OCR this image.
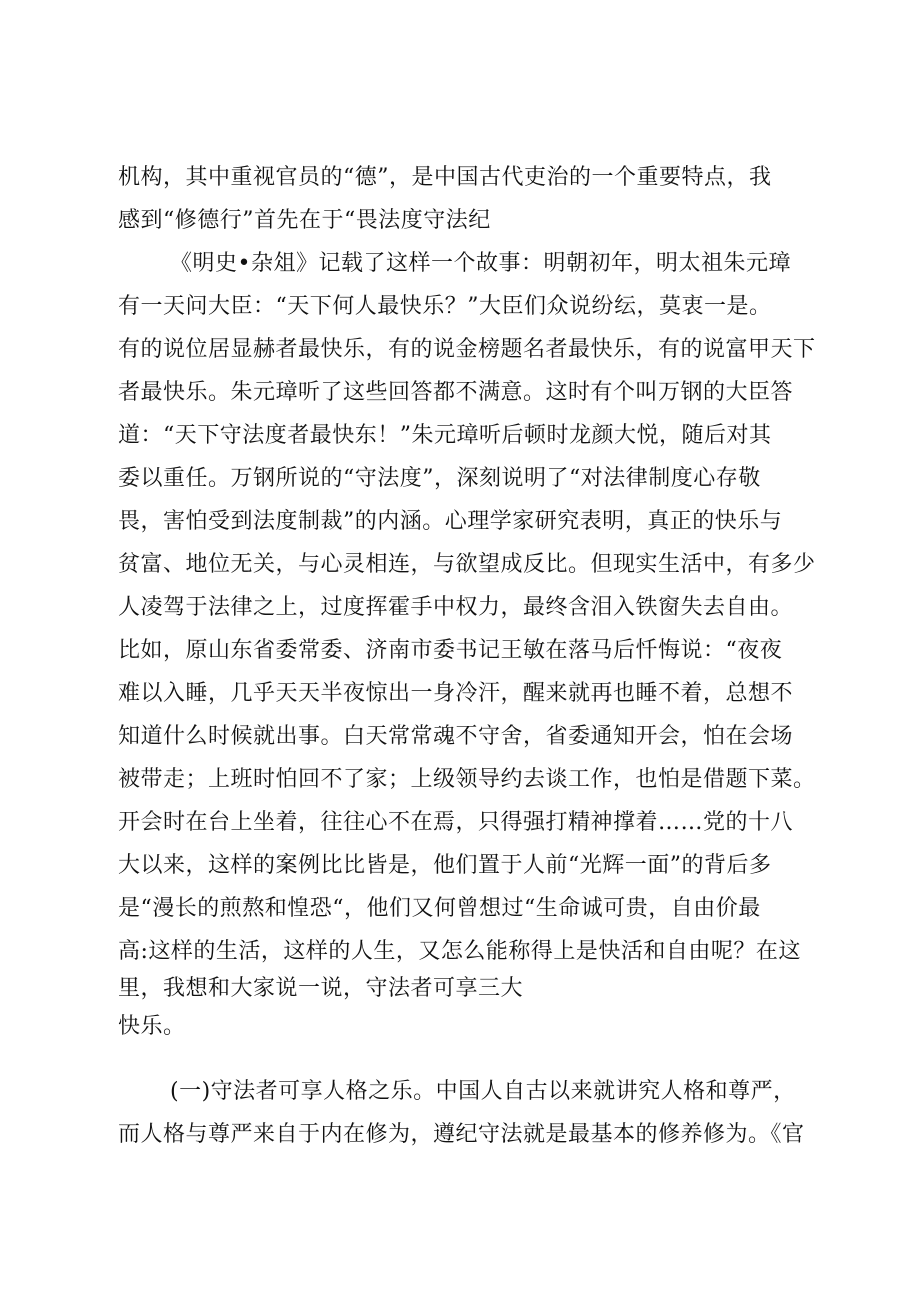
机构，其中重视官员的“德”，是中国古代吏治的一个重要特点，我
感到“修德行”首先在于“畏法度守法纪
《明史•杂俎》记载了这样一个故事：明朝初年，明太祖朱元璋
有一天问大臣：“天下何人最快乐？”大臣们众说纷纭，莫衷一是。
有的说位居显赫者最快乐，有的说金榜题名者最快乐，有的说富甲天下
者最快乐。朱元璋听了这些回答都不满意。这时有个叫万钢的大臣答
道：“天下守法度者最快东！”朱元璋听后顿时龙颜大悦，随后对其
委以重任。万钢所说的“守法度”，深刻说明了“对法律制度心存敬
畏，害怕受到法度制裁”的内涵。心理学家研究表明，真正的快乐与
贫富、地位无关，与心灵相连，与欲望成反比。但现实生活中，有多少
人凌驾于法律之上，过度挥霍手中权力，最终含泪入铁窗失去自由。
比如，原山东省委常委、济南市委书记王敏在落马后忏悔说：“夜夜
难以入睡，几乎天天半夜惊出一身冷汗，醒来就再也睡不着，总想不
知道什么时候就出事。白天常常魂不守舍，省委通知开会，怕在会场
被带走；上班时怕回不了家；上级领导约去谈工作，也怕是借题下菜。
开会时在台上坐着，往往心不在焉，只得强打精神撑着……党的十八
大以来，这样的案例比比皆是，他们置于人前“光辉一面”的背后多
是“漫长的煎熬和惶恐“，他们又何曾想过“生命诚可贵，自由价最
高:这样的生活，这样的人生，又怎么能称得上是快活和自由呢？在这
里，我想和大家说一说，守法者可享三大
快乐。
(一)守法者可享人格之乐。中国人自古以来就讲究人格和尊严，
而人格与尊严来自于内在修为，遵纪守法就是最基本的修养修为。《官
